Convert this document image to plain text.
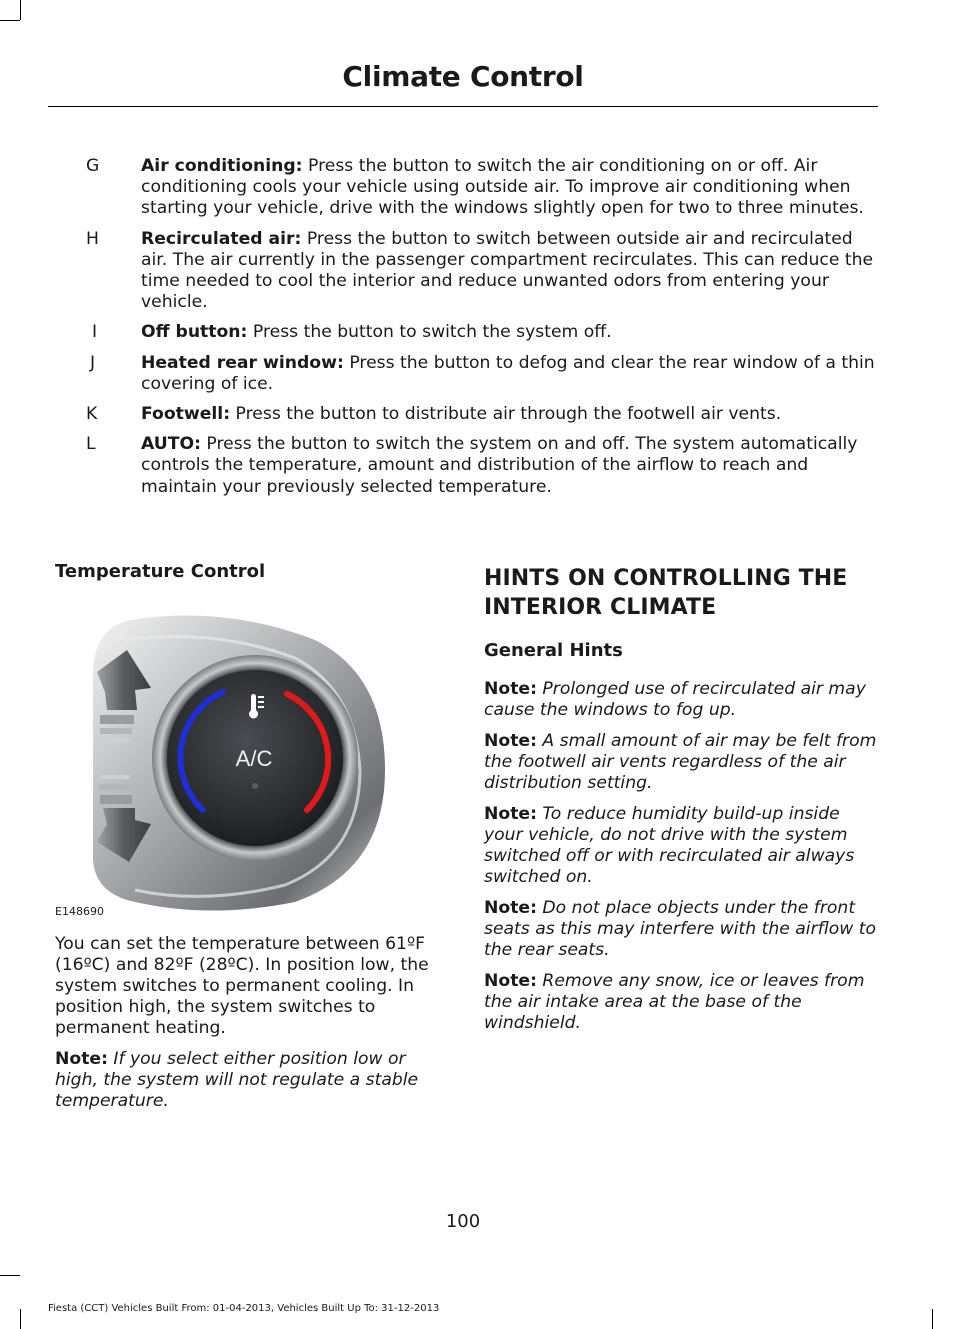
Climate Control
G	Air conditioning: Press the button to switch the air conditioning on or off. Air conditioning cools your vehicle using outside air. To improve air conditioning when starting your vehicle, drive with the windows slightly open for two to three minutes.
H	Recirculated air: Press the button to switch between outside air and recirculated air. The air currently in the passenger compartment recirculates. This can reduce the time needed to cool the interior and reduce unwanted odors from entering your vehicle.
I	Off button: Press the button to switch the system off.
J	Heated rear window: Press the button to defog and clear the rear window of a thin covering of ice.
K	Footwell: Press the button to distribute air through the footwell air vents.
L	AUTO: Press the button to switch the system on and off. The system automatically controls the temperature, amount and distribution of the airflow to reach and maintain your previously selected temperature.
Temperature Control
A/C
E148690

You can set the temperature between 61ºF (16ºC) and 82ºF (28ºC). In position low, the system switches to permanent cooling. In position high, the system switches to permanent heating.

Note: If you select either position low or high, the system will not regulate a stable temperature.

HINTS ON CONTROLLING THE INTERIOR CLIMATE
General Hints

Note: Prolonged use of recirculated air may cause the windows to fog up.

Note: A small amount of air may be felt from the footwell air vents regardless of the air distribution setting.

Note: To reduce humidity build-up inside your vehicle, do not drive with the system switched off or with recirculated air always switched on.

Note: Do not place objects under the front seats as this may interfere with the airflow to the rear seats.

Note: Remove any snow, ice or leaves from the air intake area at the base of the windshield.

100
Fiesta (CCT) Vehicles Built From: 01-04-2013, Vehicles Built Up To: 31-12-2013
